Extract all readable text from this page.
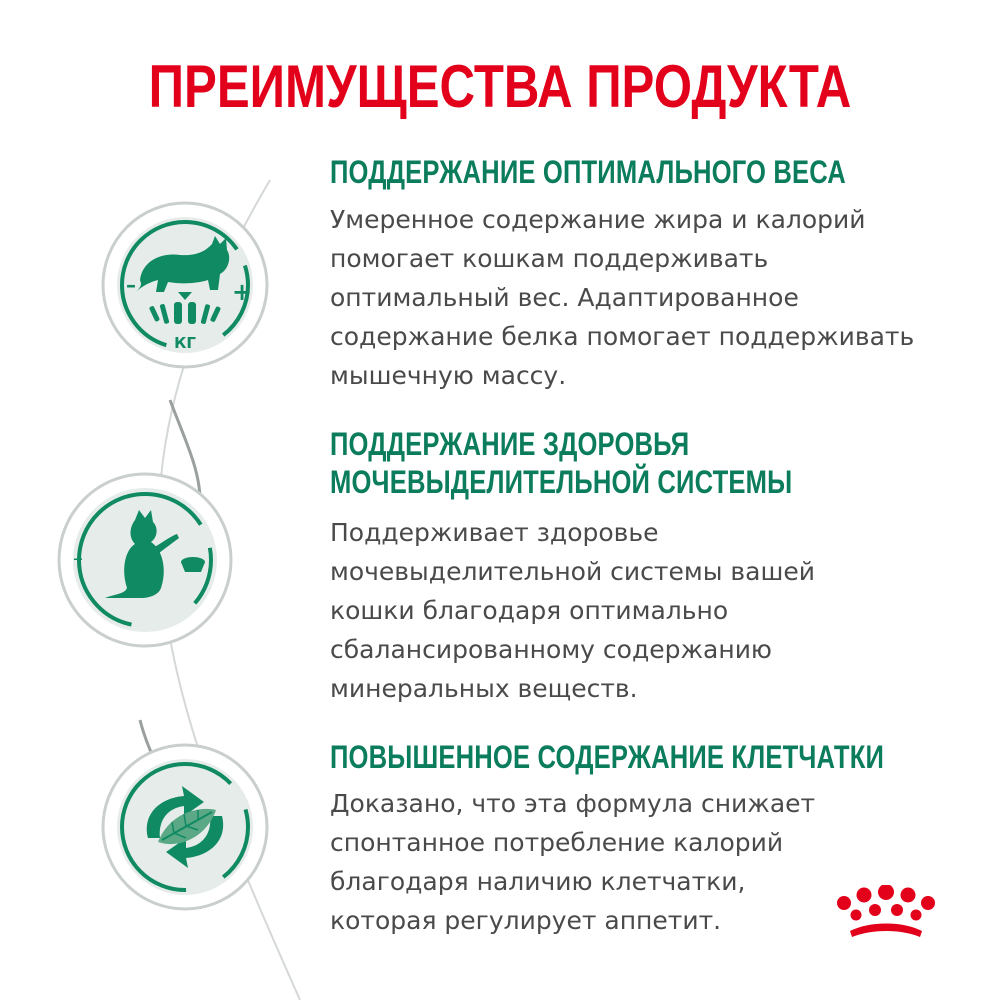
ПРЕИМУЩЕСТВА ПРОДУКТА
–	+
КГ
–
ПОДДЕРЖАНИЕ ОПТИМАЛЬНОГО ВЕСА
Умеренное содержание жира и калорий
помогает кошкам поддерживать
оптимальный вес. Адаптированное
содержание белка помогает поддерживать
мышечную массу.
ПОДДЕРЖАНИЕ ЗДОРОВЬЯ
МОЧЕВЫДЕЛИТЕЛЬНОЙ СИСТЕМЫ
Поддерживает здоровье
мочевыделительной системы вашей
кошки благодаря оптимально
сбалансированному содержанию
минеральных веществ.
ПОВЫШЕННОЕ СОДЕРЖАНИЕ КЛЕТЧАТКИ
Доказано, что эта формула снижает
спонтанное потребление калорий
благодаря наличию клетчатки,
которая регулирует аппетит.
